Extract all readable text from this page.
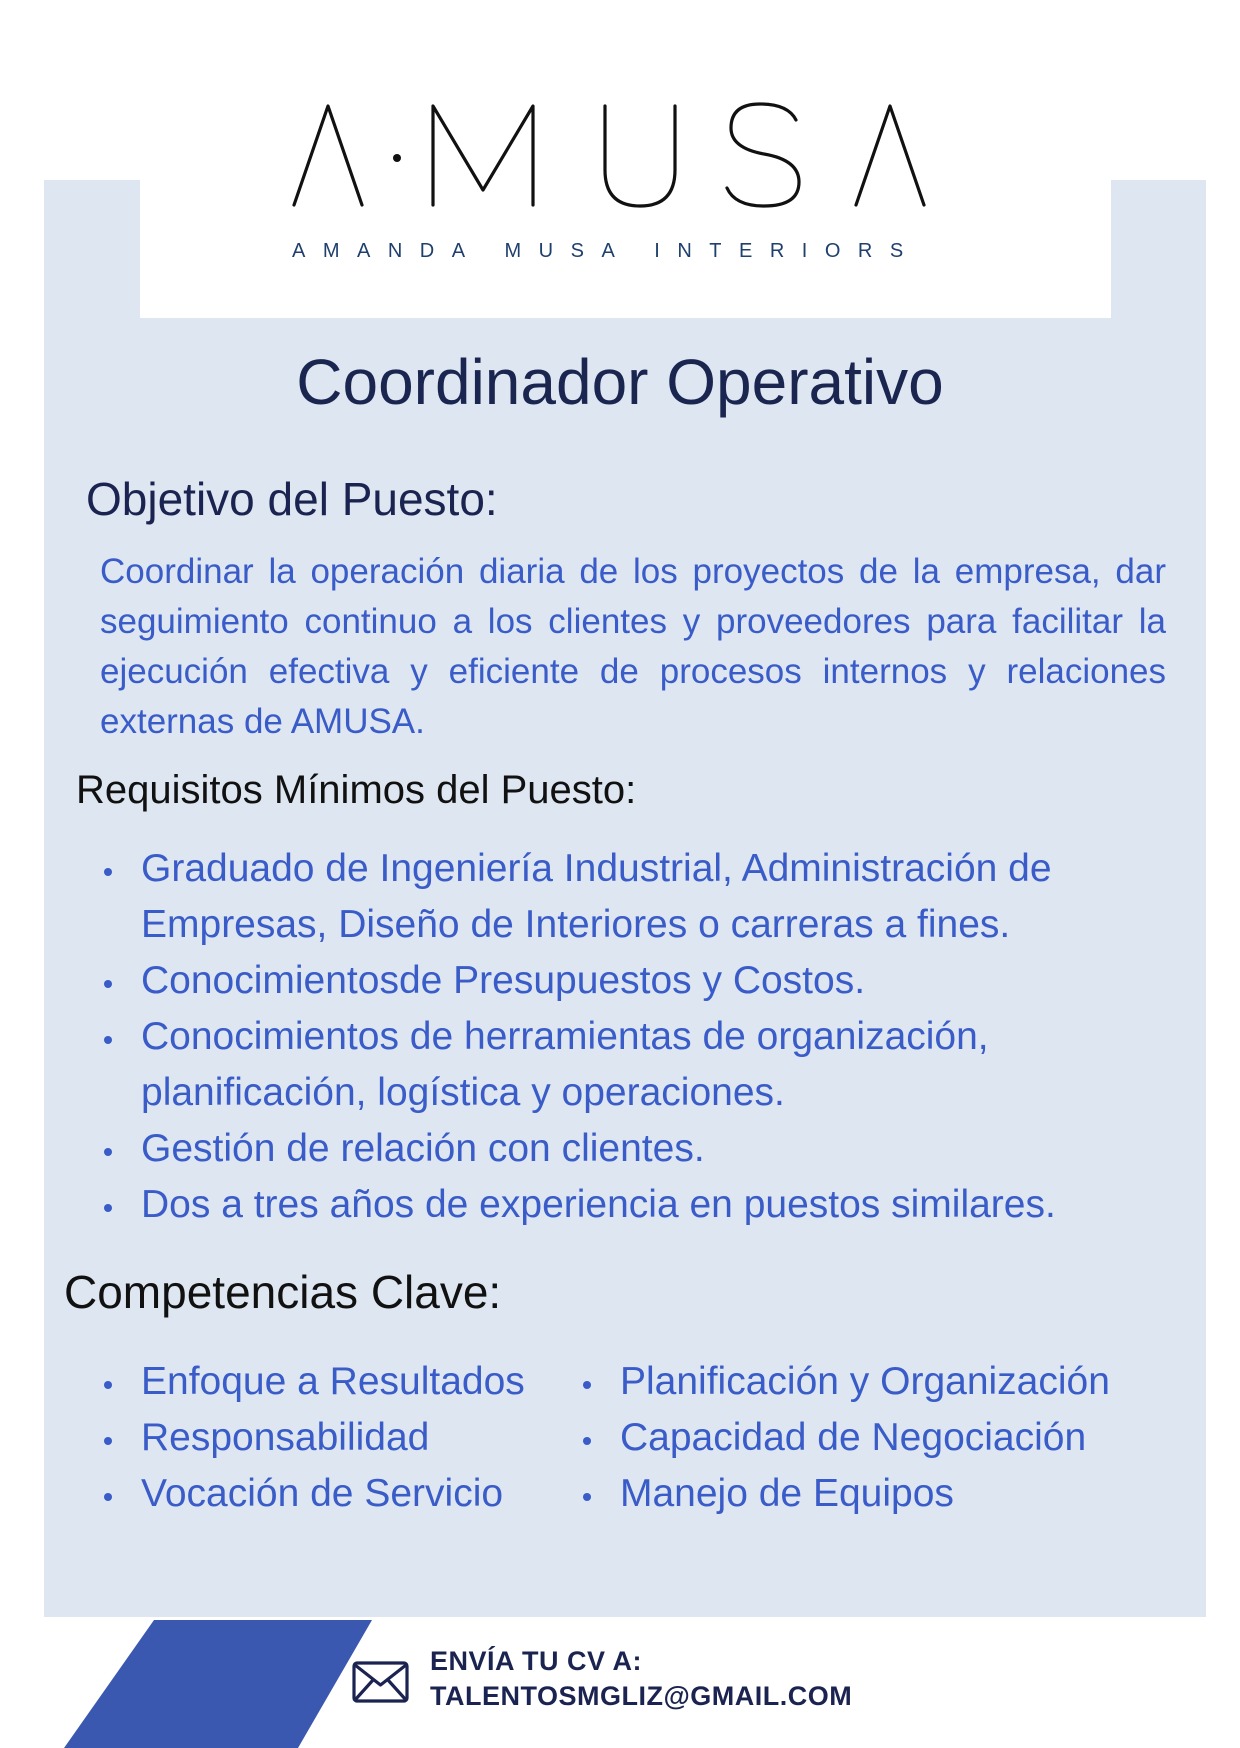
AMANDA MUSA INTERIORS
Coordinador Operativo
Objetivo del Puesto:
Coordinar la operación diaria de los proyectos de la empresa, dar seguimiento continuo a los clientes y proveedores para facilitar la ejecución efectiva y eficiente de procesos internos y relaciones externas de AMUSA.
Requisitos Mínimos del Puesto:
Graduado de Ingeniería Industrial, Administración de Empresas, Diseño de Interiores o carreras a fines.
Conocimientosde Presupuestos y Costos.
Conocimientos de herramientas de organización, planificación, logística y operaciones.
Gestión de relación con clientes.
Dos a tres años de experiencia en puestos similares.
Competencias Clave:
Enfoque a Resultados
Responsabilidad
Vocación de Servicio
Planificación y Organización
Capacidad de Negociación
Manejo de Equipos
ENVÍA TU CV A:
TALENTOSMGLIZ@GMAIL.COM
